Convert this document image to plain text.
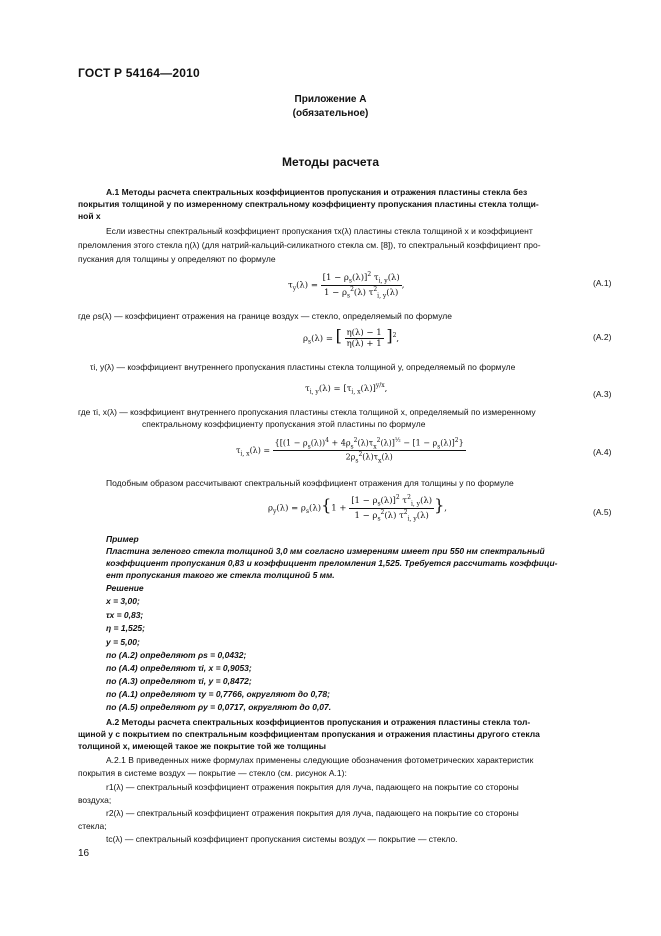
ГОСТ Р 54164—2010
Приложение А
(обязательное)
Методы расчета
А.1 Методы расчета спектральных коэффициентов пропускания и отражения пластины стекла без
покрытия толщиной y по измеренному спектральному коэффициенту пропускания пластины стекла толщи-
ной x
Если известны спектральный коэффициент пропускания τx(λ) пластины стекла толщиной x и коэффициент
преломления этого стекла η(λ) (для натрий-кальций-силикатного стекла см. [8]), то спектральный коэффициент про-
пускания для толщины y определяют по формуле
$\tau_y(\lambda) = \frac{[1 - \rho_s(\lambda)]^2 \tau_{i, y}(\lambda)}{1 - \rho_s^2(\lambda) \tau^2_{i, y}(\lambda)}$ ,	(А.1)
где ρs(λ) — коэффициент отражения на границе воздух — стекло, определяемый по формуле
$\rho_s(\lambda)$ = [ $\frac{\eta(\lambda) - 1}{\eta(\lambda) + 1} ]^2$,	(А.2)
τi, y(λ) — коэффициент внутреннего пропускания пластины стекла толщиной y, определяемый по формуле
$\tau_{i, y}(\lambda) = [\tau_{i, x}(\lambda)]^{y/x}$,
(А.3)
где τi, x(λ) — коэффициент внутреннего пропускания пластины стекла толщиной x, определяемый по измеренному
спектральному коэффициенту пропускания этой пластины по формуле
$\tau_{i, x}(\lambda) = \frac{\{[(1 - \rho_s(\lambda))^4 + 4\rho_s^2(\lambda)\tau_x^2(\lambda)]^{\frac{1}{2}} - [1 - \rho_s(\lambda)]^2\}}{2\rho_s^2(\lambda)\tau_x(\lambda)}$	(А.4)
Подобным образом рассчитывают спектральный коэффициент отражения для толщины y по формуле
$\rho_y(\lambda) = \rho_s(\lambda)\{1 + \frac{[1 - \rho_s(\lambda)]^2 \tau^2_{i, y}(\lambda)}{1 - \rho_s^2(\lambda) \tau^2_{i, y}(\lambda)}$ },	(А.5)
Пример
Пластина зеленого стекла толщиной 3,0 мм согласно измерениям имеет при 550 нм спектральный
коэффициент пропускания 0,83 и коэффициент преломления 1,525. Требуется рассчитать коэффици-
ент пропускания такого же стекла толщиной 5 мм.
Решение
x = 3,00;
τx = 0,83;
η = 1,525;
y = 5,00;
по (А.2) определяют ρs = 0,0432;
по (А.4) определяют τi, x = 0,9053;
по (А.3) определяют τi, y = 0,8472;
по (А.1) определяют τy = 0,7766, округляют до 0,78;
по (А.5) определяют ρy = 0,0717, округляют до 0,07.
А.2 Методы расчета спектральных коэффициентов пропускания и отражения пластины стекла тол-
щиной y с покрытием по спектральным коэффициентам пропускания и отражения пластины другого стекла
толщиной x, имеющей такое же покрытие той же толщины
А.2.1 В приведенных ниже формулах применены следующие обозначения фотометрических характеристик
покрытия в системе воздух — покрытие — стекло (см. рисунок А.1):
r1(λ) — спектральный коэффициент отражения покрытия для луча, падающего на покрытие со стороны
воздуха;
r2(λ) — спектральный коэффициент отражения покрытия для луча, падающего на покрытие со стороны
стекла;
tc(λ) — спектральный коэффициент пропускания системы воздух — покрытие — стекло.
16
